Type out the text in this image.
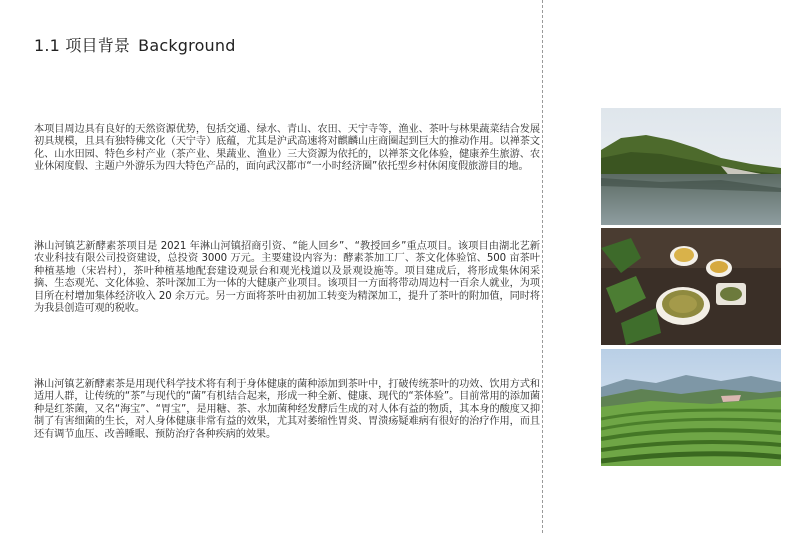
1.1 项目背景 Background

本项目周边具有良好的天然资源优势，包括交通、绿水、青山、农田、天宁寺等，渔业、茶叶与林果蔬菜结合发展初具规模，且具有独特佛文化（天宁寺）底蕴，尤其是沪武高速将对麒麟山庄商圈起到巨大的推动作用。以禅茶文化、山水田园、特色乡村产业（茶产业、果蔬业、渔业）三大资源为依托的，以禅茶文化体验，健康养生旅游、农业休闲度假、主题户外游乐为四大特色产品的，面向武汉都市“一小时经济圈”依托型乡村休闲度假旅游目的地。

淋山河镇艺新酵素茶项目是 2021 年淋山河镇招商引资、“能人回乡”、“教授回乡”重点项目。该项目由湖北艺新农业科技有限公司投资建设，总投资 3000 万元。主要建设内容为：酵素茶加工厂、茶文化体验馆、500 亩茶叶种植基地（宋岩村），茶叶种植基地配套建设观景台和观光栈道以及景观设施等。项目建成后，将形成集休闲采摘、生态观光、文化体验、茶叶深加工为一体的大健康产业项目。该项目一方面将带动周边村一百余人就业，为项目所在村增加集体经济收入 20 余万元。另一方面将茶叶由初加工转变为精深加工，提升了茶叶的附加值，同时将为我县创造可观的税收。

淋山河镇艺新酵素茶是用现代科学技术将有利于身体健康的菌种添加到茶叶中，打破传统茶叶的功效、饮用方式和适用人群，让传统的“茶”与现代的“菌”有机结合起来，形成一种全新、健康、现代的“茶体验”。目前常用的添加菌种是红茶菌，又名“海宝”、“胃宝”，是用糖、茶、水加菌种经发酵后生成的对人体有益的物质，其本身的酸度又抑制了有害细菌的生长，对人身体健康非常有益的效果，尤其对萎缩性胃炎、胃溃疡疑难病有很好的治疗作用，而且还有调节血压、改善睡眠、预防治疗各种疾病的效果。
